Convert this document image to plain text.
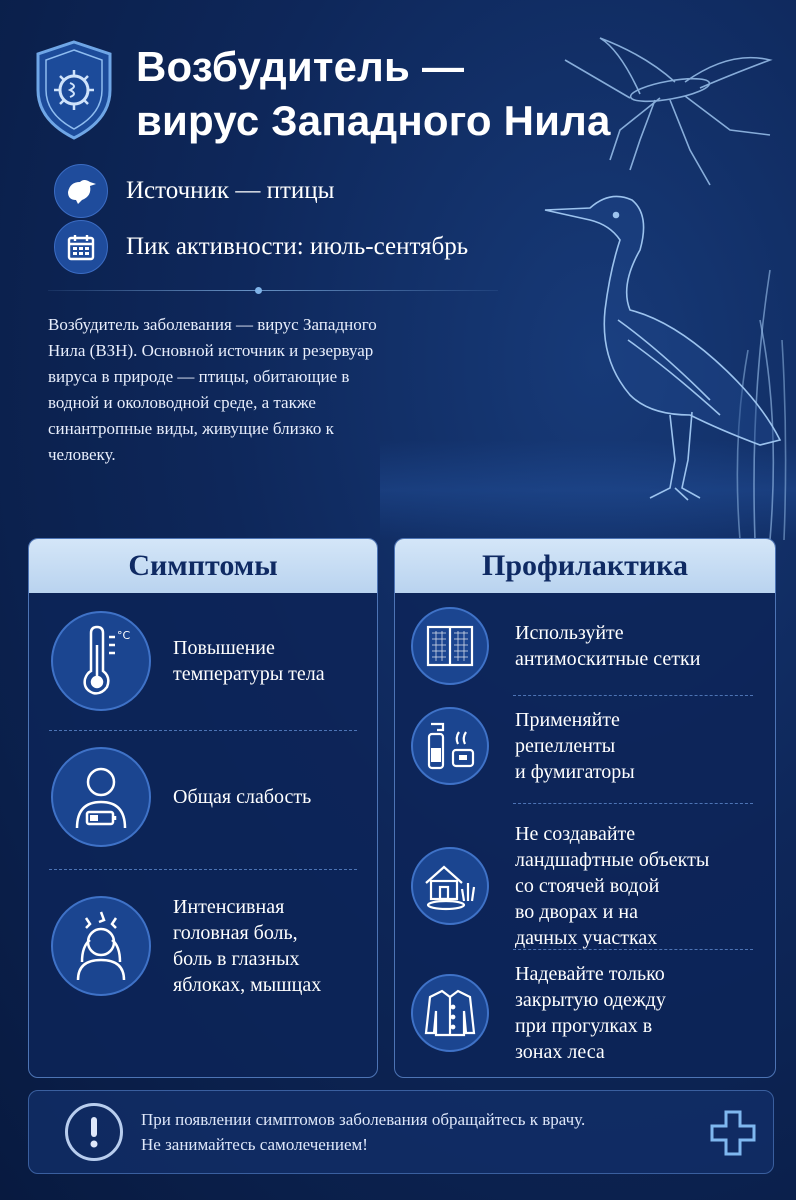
Возбудитель —
вирус Западного Нила
Источник — птицы
Пик активности: июль-сентябрь
Возбудитель заболевания — вирус Западного
Нила (ВЗН). Основной источник и резервуар
вируса в природе — птицы, обитающие в
водной и околоводной среде, а также
синантропные виды, живущие близко к
человеку.
Симптомы
°C
Повышение
температуры тела
Общая слабость
Интенсивная
головная боль,
боль в глазных
яблоках, мышцах
Профилактика
Используйте
антимоскитные сетки
Применяйте
репелленты
и фумигаторы
Не создавайте
ландшафтные объекты
со стоячей водой
во дворах и на
дачных участках
Надевайте только
закрытую одежду
при прогулках в
зонах леса
При появлении симптомов заболевания обращайтесь к врачу.
Не занимайтесь самолечением!
